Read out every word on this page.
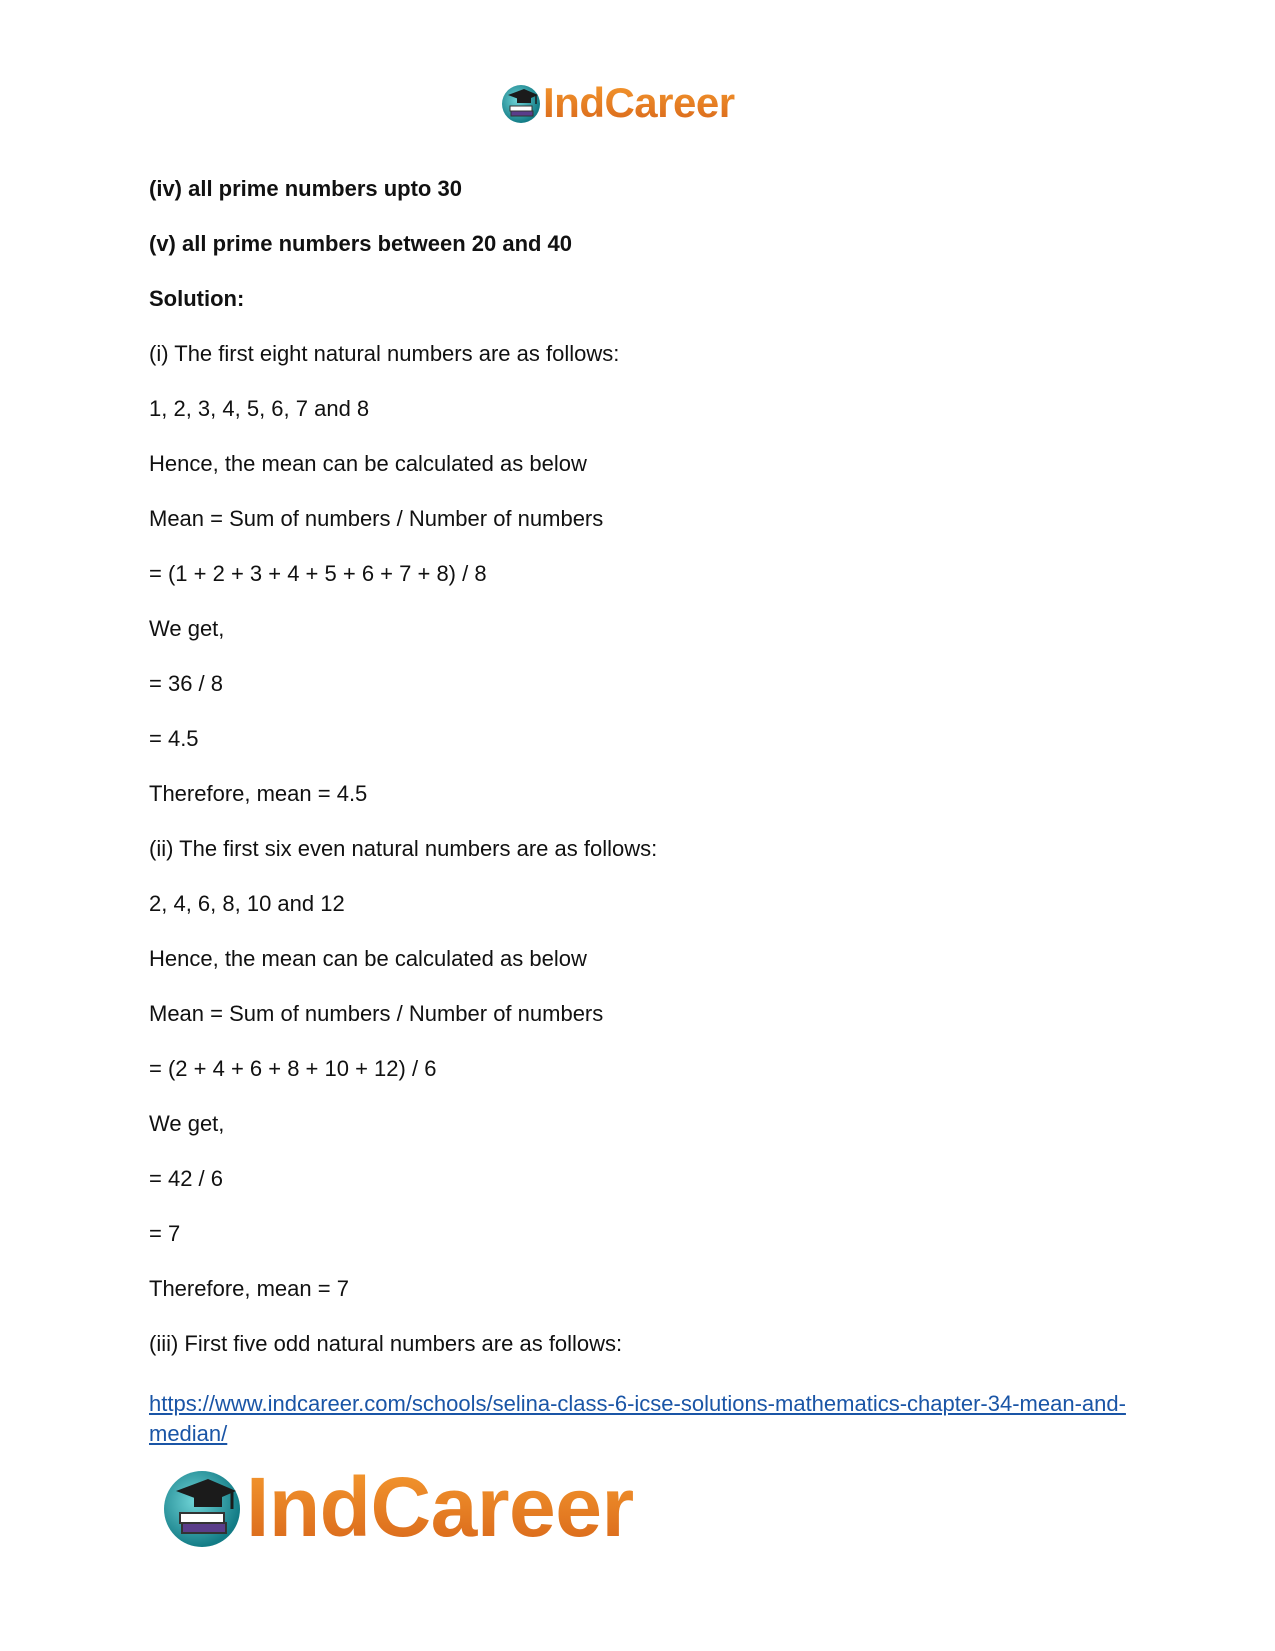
IndCareer
(iv) all prime numbers upto 30
(v) all prime numbers between 20 and 40
Solution:
(i) The first eight natural numbers are as follows:
1, 2, 3, 4, 5, 6, 7 and 8
Hence, the mean can be calculated as below
Mean = Sum of numbers / Number of numbers
= (1 + 2 + 3 + 4 + 5 + 6 + 7 + 8) / 8
We get,
= 36 / 8
= 4.5
Therefore, mean = 4.5
(ii) The first six even natural numbers are as follows:
2, 4, 6, 8, 10 and 12
Hence, the mean can be calculated as below
Mean = Sum of numbers / Number of numbers
= (2 + 4 + 6 + 8 + 10 + 12) / 6
We get,
= 42 / 6
= 7
Therefore, mean = 7
(iii) First five odd natural numbers are as follows:
https://www.indcareer.com/schools/selina-class-6-icse-solutions-mathematics-chapter-34-mean-and-median/
IndCareer
